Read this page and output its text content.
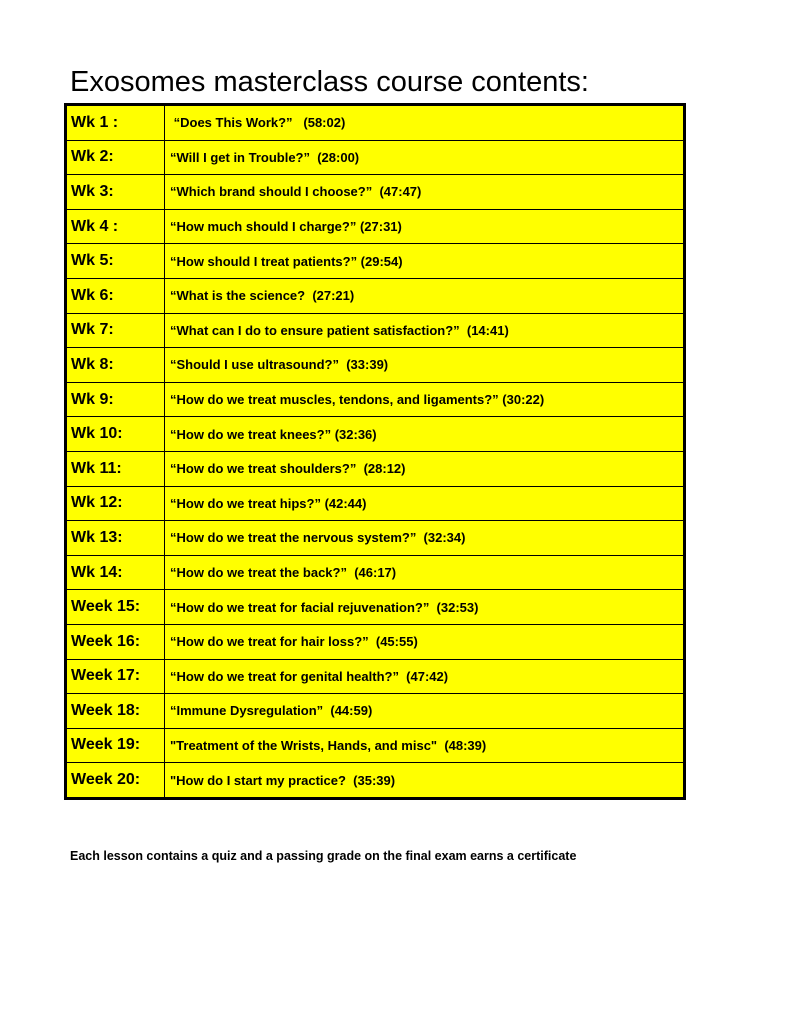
Exosomes masterclass course contents:
Wk 1 :	“Does This Work?”   (58:02)
Wk 2:	“Will I get in Trouble?”  (28:00)
Wk 3:	“Which brand should I choose?”  (47:47)
Wk 4 :	“How much should I charge?” (27:31)
Wk 5:	“How should I treat patients?” (29:54)
Wk 6:	“What is the science?  (27:21)
Wk 7:	“What can I do to ensure patient satisfaction?”  (14:41)
Wk 8:	“Should I use ultrasound?”  (33:39)
Wk 9:	“How do we treat muscles, tendons, and ligaments?” (30:22)
Wk 10:	“How do we treat knees?” (32:36)
Wk 11:	“How do we treat shoulders?”  (28:12)
Wk 12:	“How do we treat hips?” (42:44)
Wk 13:	“How do we treat the nervous system?”  (32:34)
Wk 14:	“How do we treat the back?”  (46:17)
Week 15:	“How do we treat for facial rejuvenation?”  (32:53)
Week 16:	“How do we treat for hair loss?”  (45:55)
Week 17:	“How do we treat for genital health?”  (47:42)
Week 18:	“Immune Dysregulation”  (44:59)
Week 19:	"Treatment of the Wrists, Hands, and misc"  (48:39)
Week 20:	"How do I start my practice?  (35:39)
Each lesson contains a quiz and a passing grade on the final exam earns a certificate
